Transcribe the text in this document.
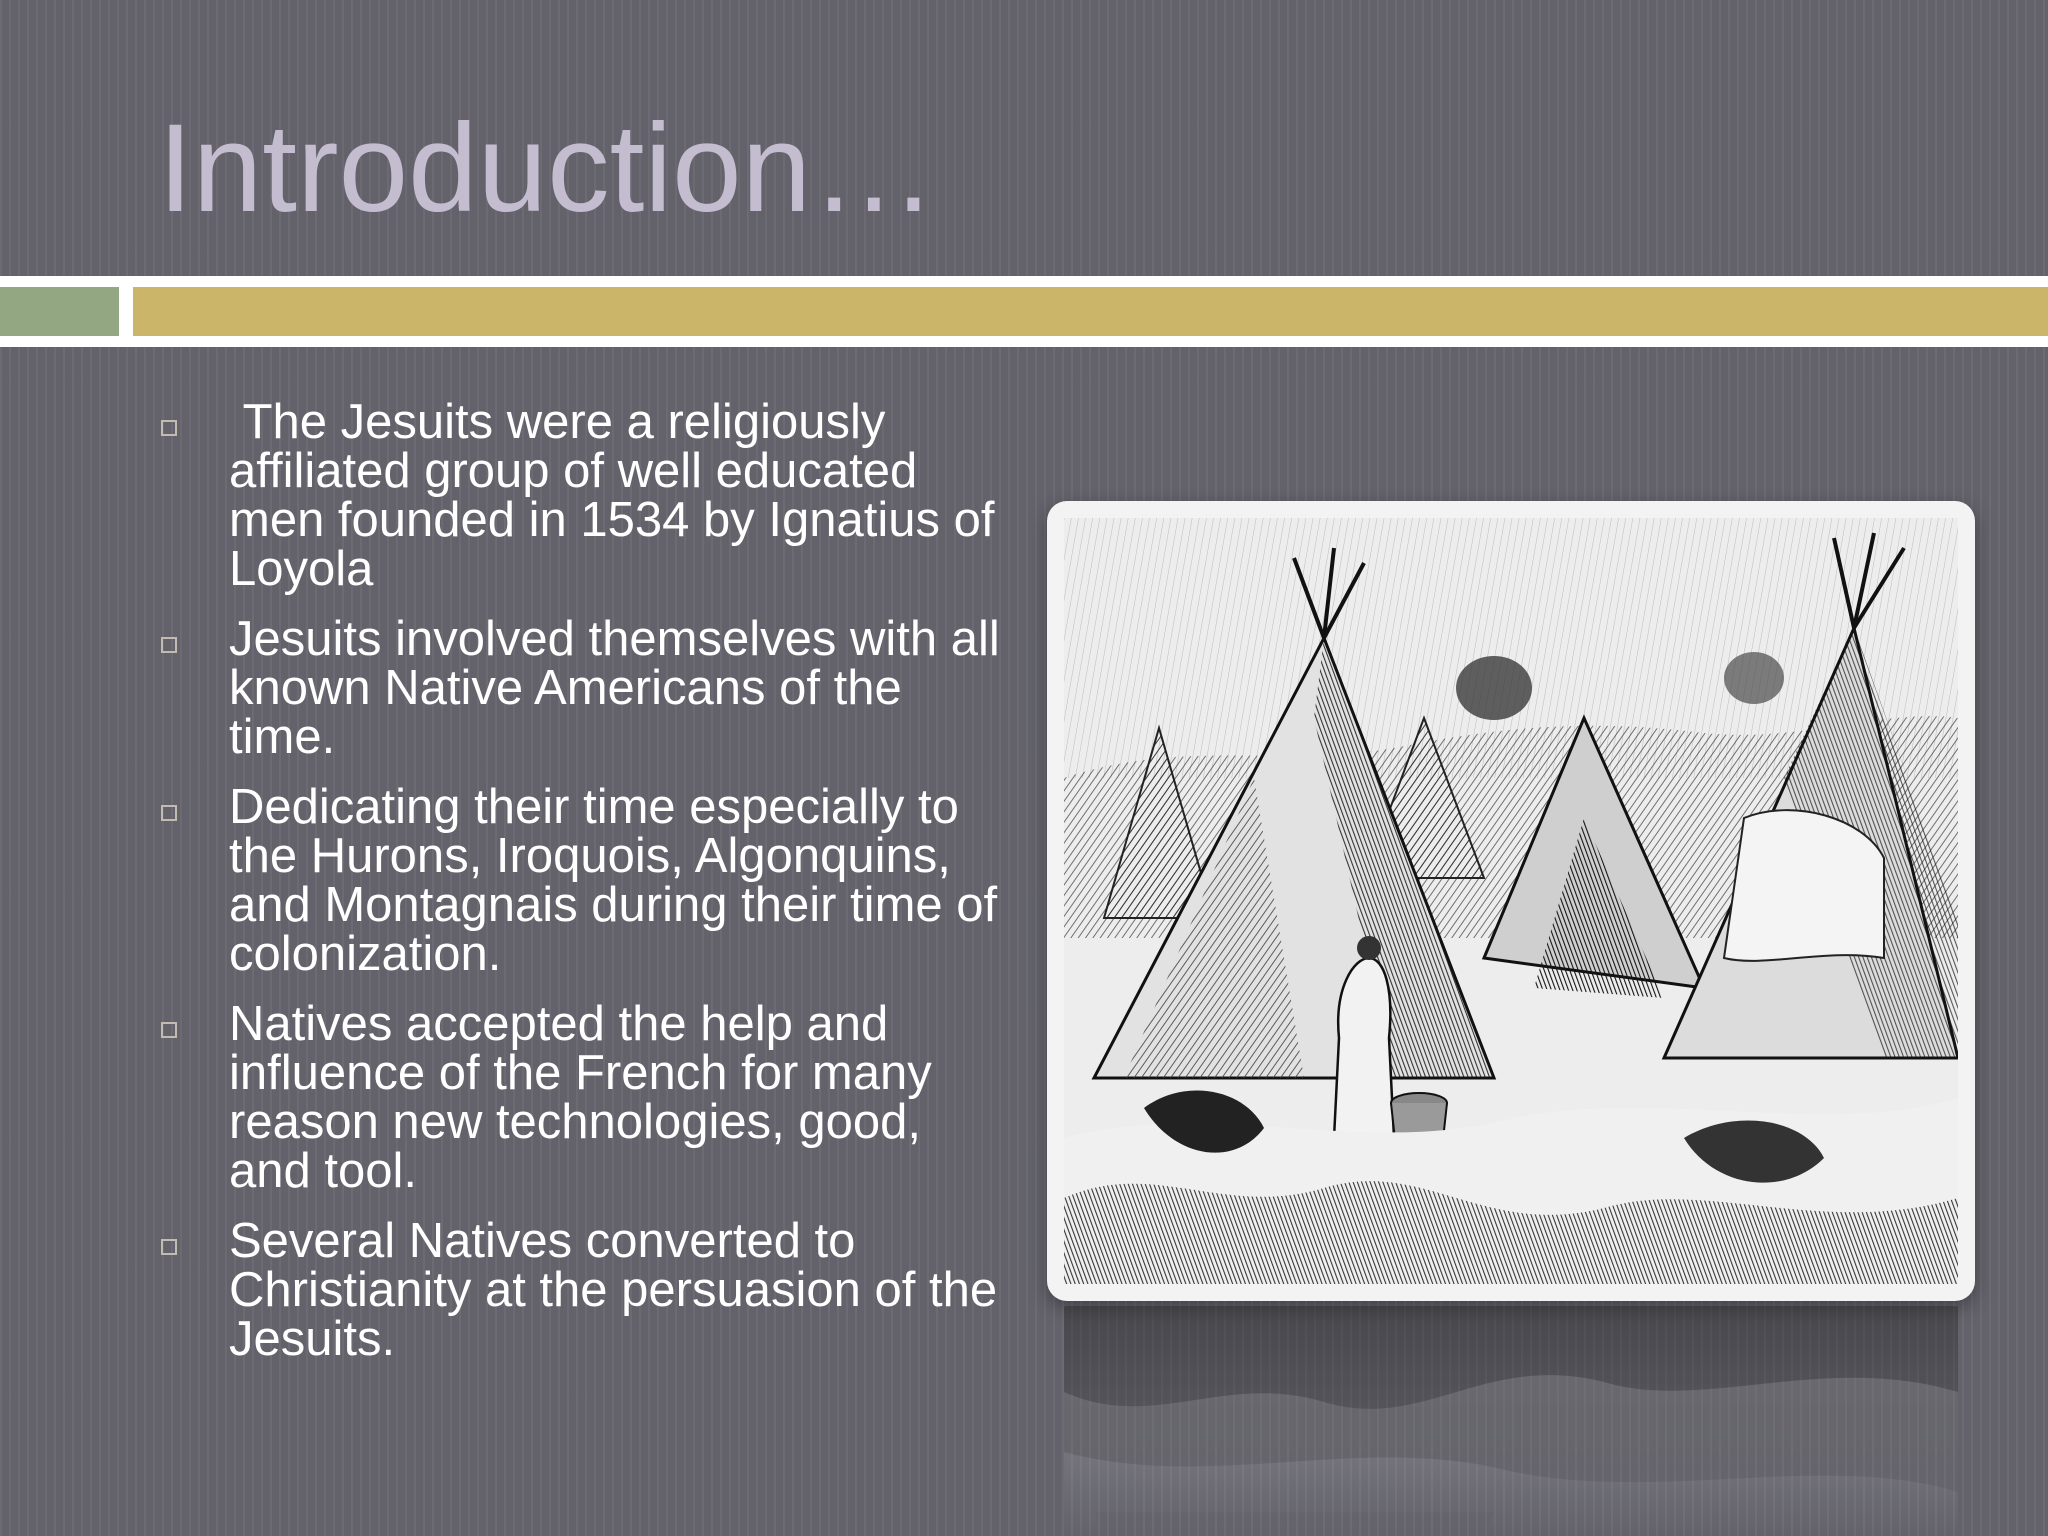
Introduction…
The Jesuits were a religiously affiliated group of well educated men founded in 1534 by Ignatius of Loyola
Jesuits involved themselves with all known Native Americans of the time.
Dedicating their time especially to the Hurons, Iroquois, Algonquins, and Montagnais during their time of colonization.
Natives accepted the help and influence of the French for many reason new technologies, good, and tool.
Several Natives converted to Christianity at the persuasion of the Jesuits.
